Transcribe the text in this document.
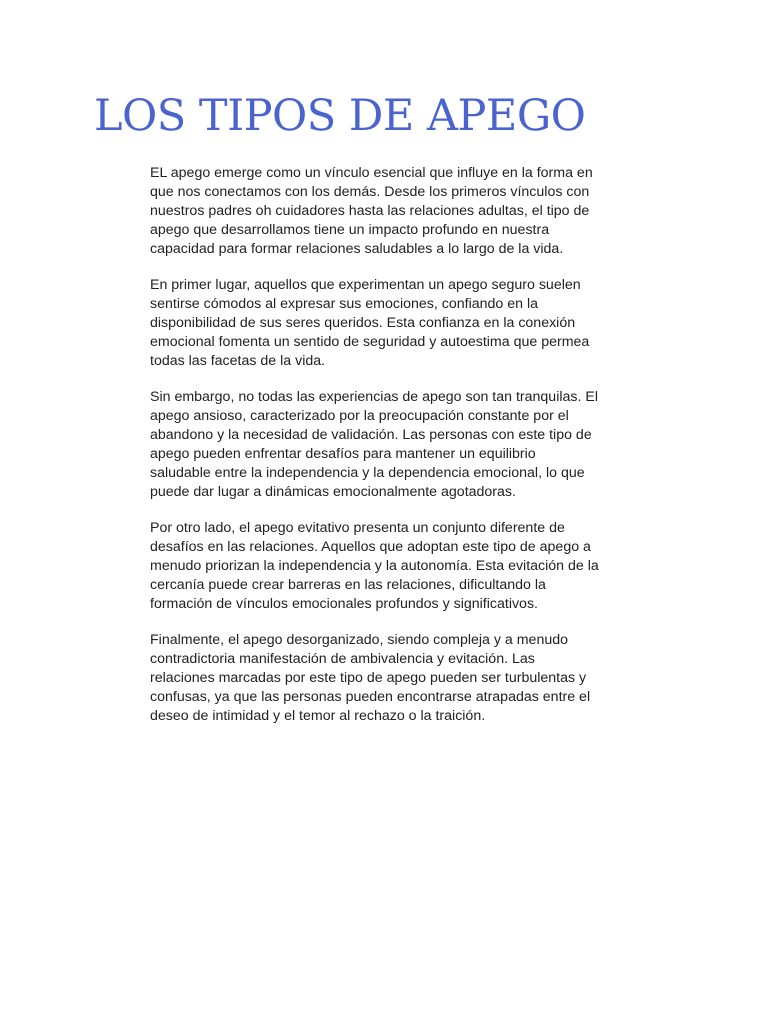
LOS TIPOS DE APEGO

EL apego emerge como un vínculo esencial que influye en la forma en
que nos conectamos con los demás. Desde los primeros vínculos con
nuestros padres oh cuidadores hasta las relaciones adultas, el tipo de
apego que desarrollamos tiene un impacto profundo en nuestra
capacidad para formar relaciones saludables a lo largo de la vida.

En primer lugar, aquellos que experimentan un apego seguro suelen
sentirse cómodos al expresar sus emociones, confiando en la
disponibilidad de sus seres queridos. Esta confianza en la conexión
emocional fomenta un sentido de seguridad y autoestima que permea
todas las facetas de la vida.

Sin embargo, no todas las experiencias de apego son tan tranquilas. El
apego ansioso, caracterizado por la preocupación constante por el
abandono y la necesidad de validación. Las personas con este tipo de
apego pueden enfrentar desafíos para mantener un equilibrio
saludable entre la independencia y la dependencia emocional, lo que
puede dar lugar a dinámicas emocionalmente agotadoras.

Por otro lado, el apego evitativo presenta un conjunto diferente de
desafíos en las relaciones. Aquellos que adoptan este tipo de apego a
menudo priorizan la independencia y la autonomía. Esta evitación de la
cercanía puede crear barreras en las relaciones, dificultando la
formación de vínculos emocionales profundos y significativos.

Finalmente, el apego desorganizado, siendo compleja y a menudo
contradictoria manifestación de ambivalencia y evitación. Las
relaciones marcadas por este tipo de apego pueden ser turbulentas y
confusas, ya que las personas pueden encontrarse atrapadas entre el
deseo de intimidad y el temor al rechazo o la traición.
